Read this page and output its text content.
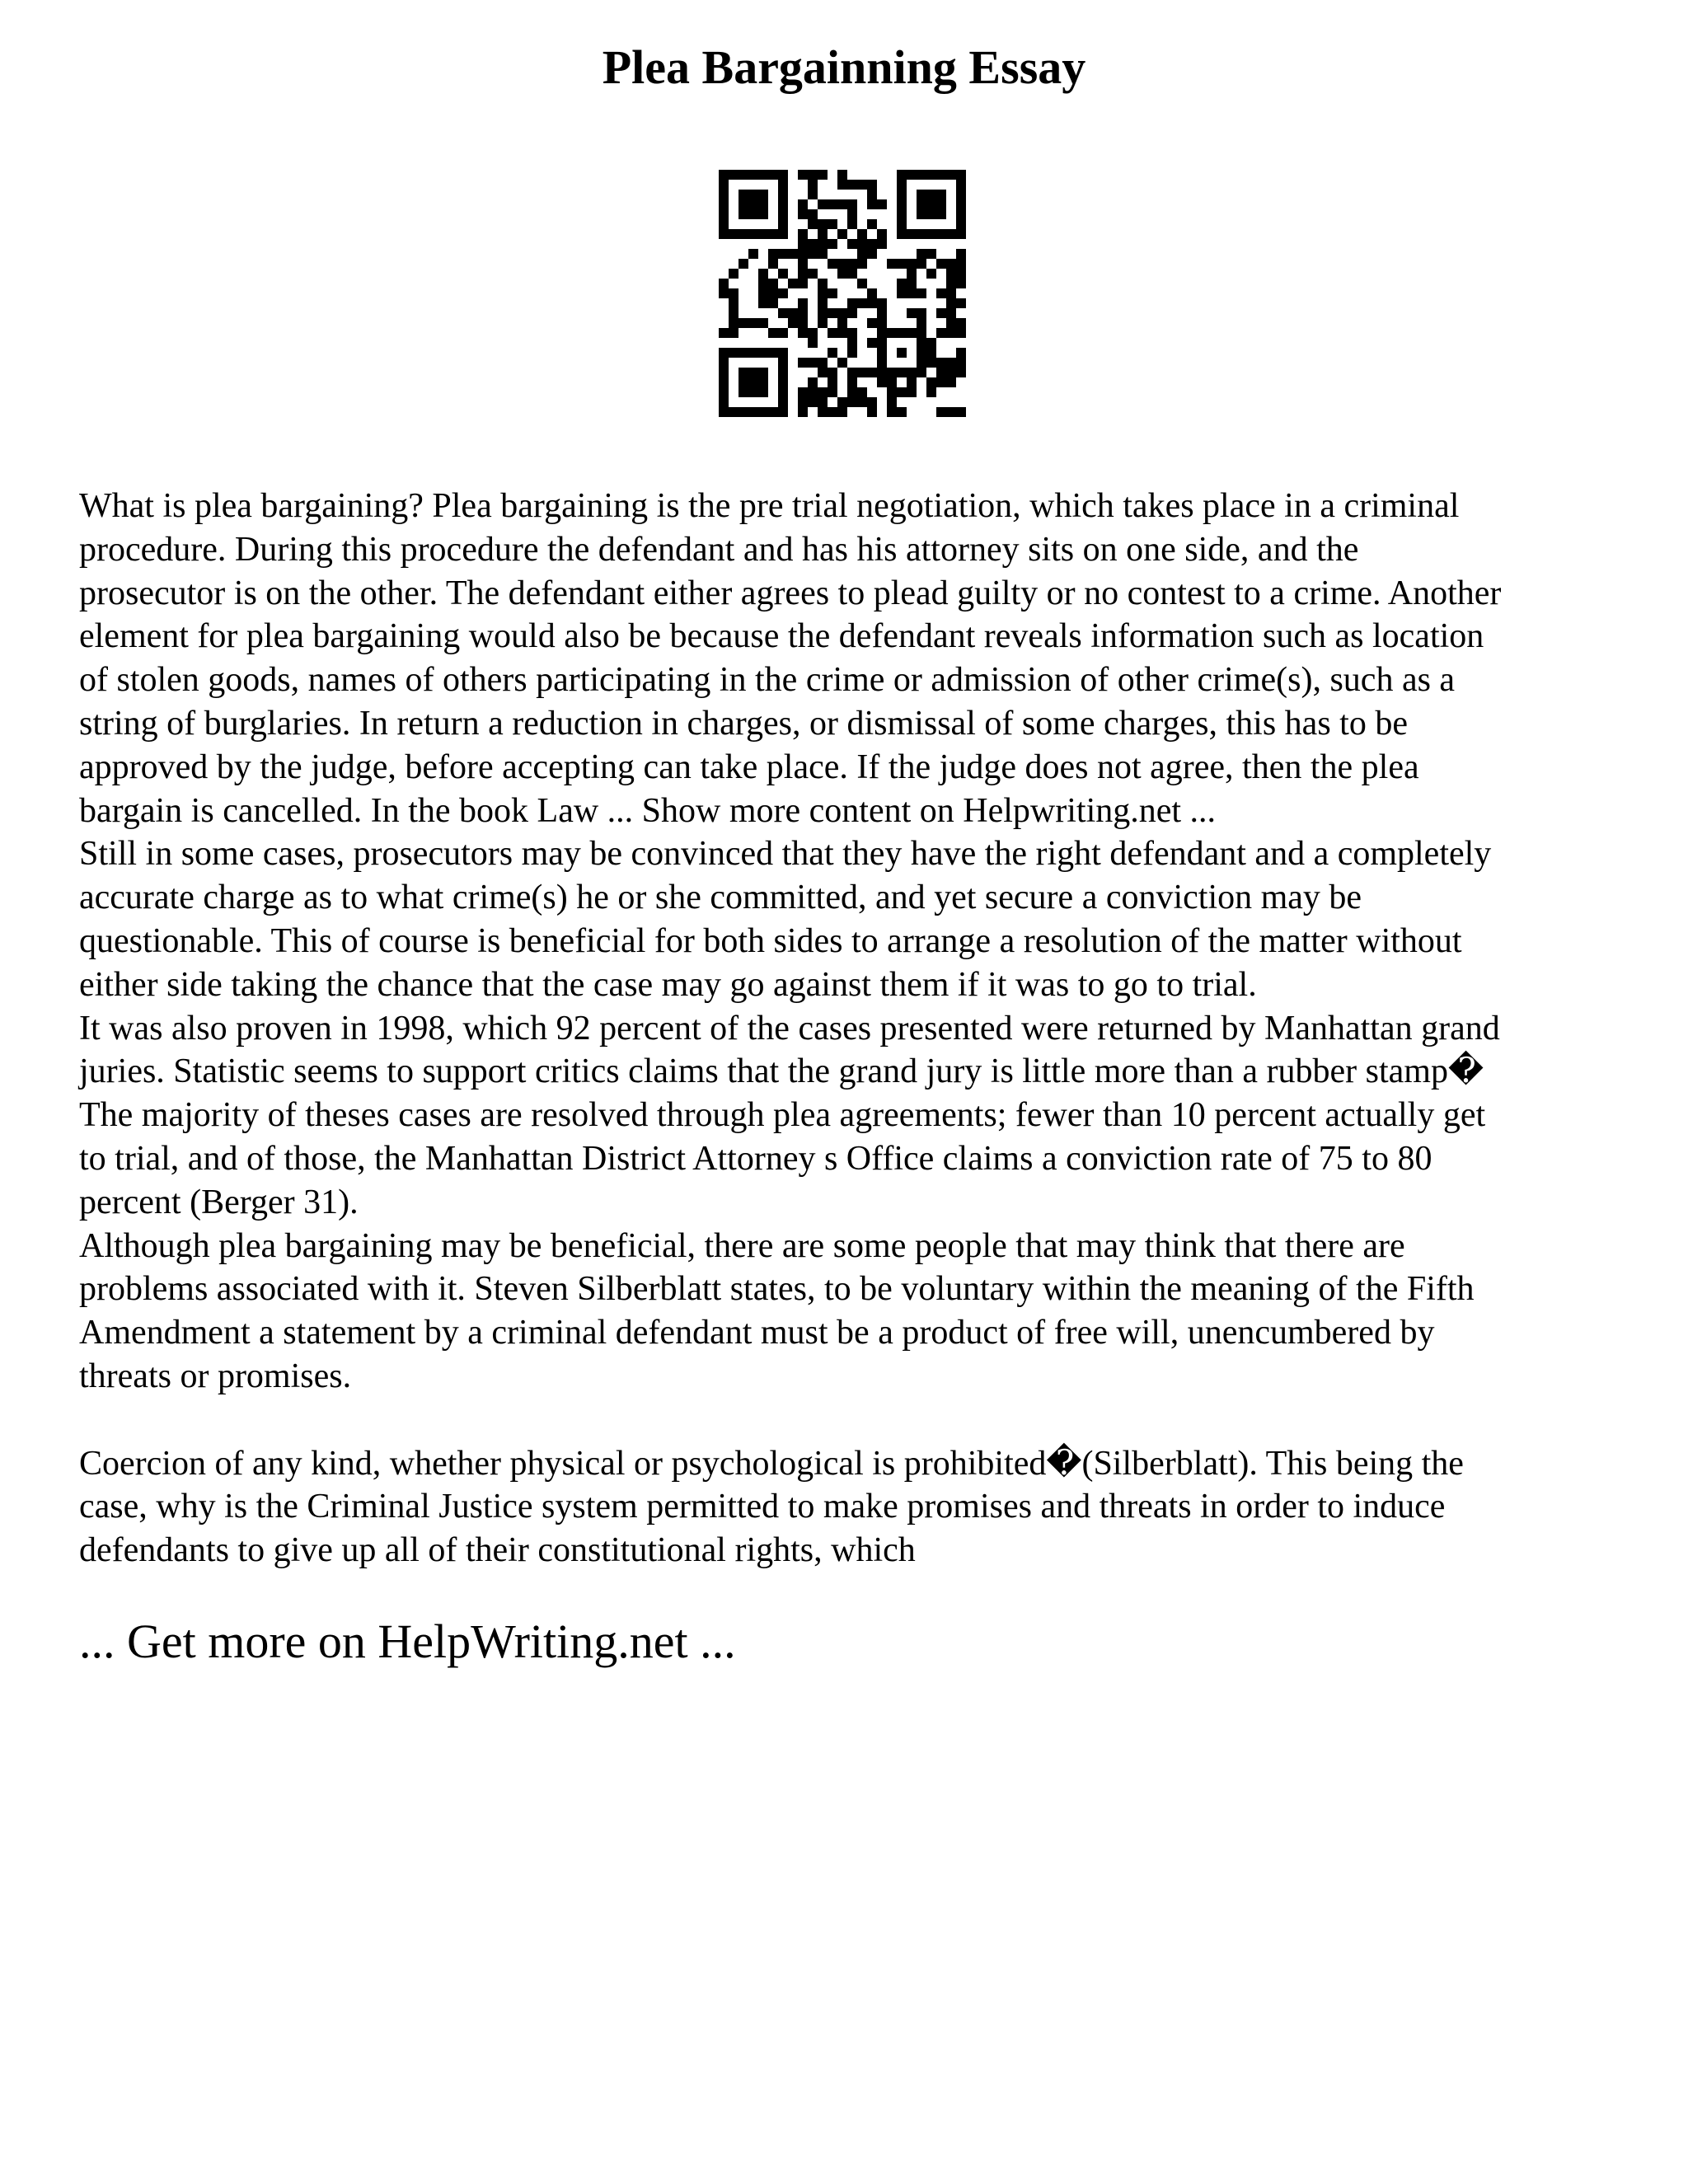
Plea Bargainning Essay

What is plea bargaining? Plea bargaining is the pre trial negotiation, which takes place in a criminal
procedure. During this procedure the defendant and has his attorney sits on one side, and the
prosecutor is on the other. The defendant either agrees to plead guilty or no contest to a crime. Another
element for plea bargaining would also be because the defendant reveals information such as location
of stolen goods, names of others participating in the crime or admission of other crime(s), such as a
string of burglaries. In return a reduction in charges, or dismissal of some charges, this has to be
approved by the judge, before accepting can take place. If the judge does not agree, then the plea
bargain is cancelled. In the book Law ... Show more content on Helpwriting.net ...

Still in some cases, prosecutors may be convinced that they have the right defendant and a completely
accurate charge as to what crime(s) he or she committed, and yet secure a conviction may be
questionable. This of course is beneficial for both sides to arrange a resolution of the matter without
either side taking the chance that the case may go against them if it was to go to trial.

It was also proven in 1998, which 92 percent of the cases presented were returned by Manhattan grand
juries. Statistic seems to support critics claims that the grand jury is little more than a rubber stamp�
The majority of theses cases are resolved through plea agreements; fewer than 10 percent actually get
to trial, and of those, the Manhattan District Attorney s Office claims a conviction rate of 75 to 80
percent (Berger 31).

Although plea bargaining may be beneficial, there are some people that may think that there are
problems associated with it. Steven Silberblatt states, to be voluntary within the meaning of the Fifth
Amendment a statement by a criminal defendant must be a product of free will, unencumbered by
threats or promises.

Coercion of any kind, whether physical or psychological is prohibited�(Silberblatt). This being the
case, why is the Criminal Justice system permitted to make promises and threats in order to induce
defendants to give up all of their constitutional rights, which

... Get more on HelpWriting.net ...
